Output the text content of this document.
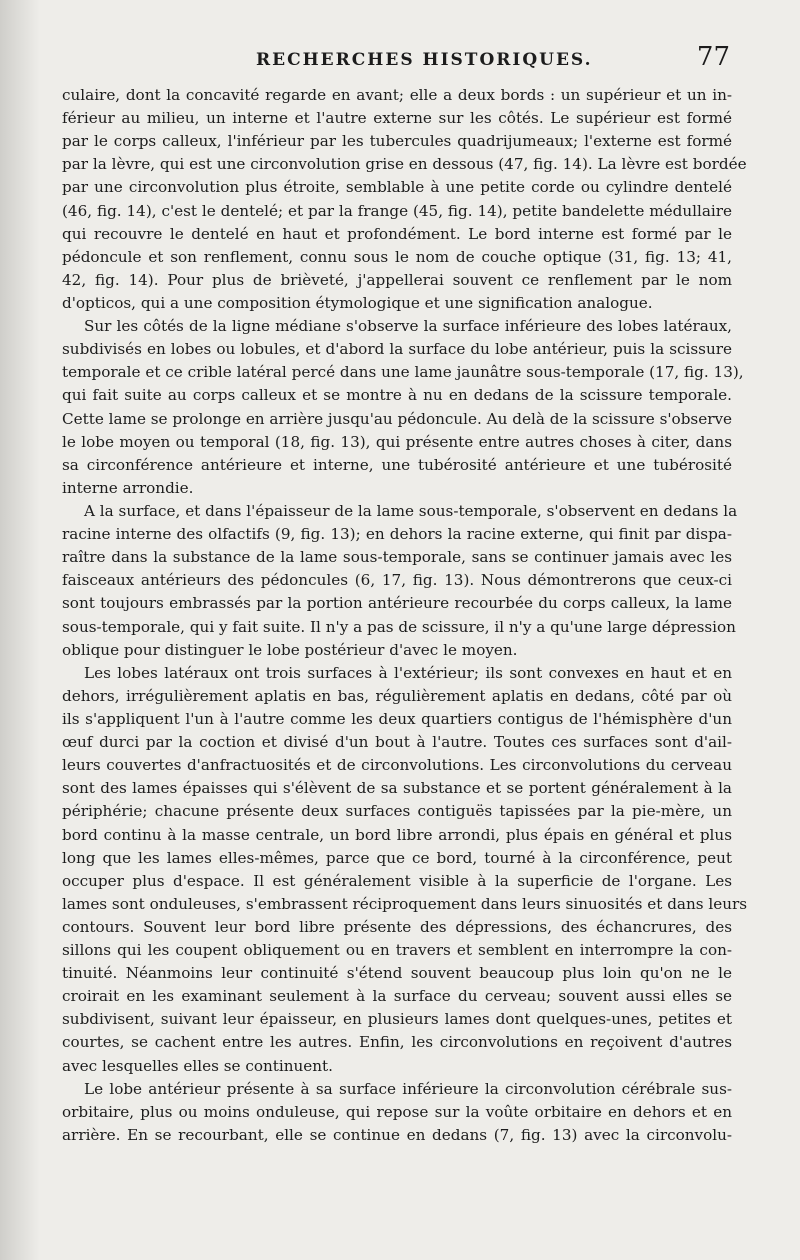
RECHERCHES HISTORIQUES.	77
culaire, dont la concavité regarde en avant; elle a deux bords : un supérieur et un in-
férieur au milieu, un interne et l'autre externe sur les côtés. Le supérieur est formé
par le corps calleux, l'inférieur par les tubercules quadrijumeaux; l'externe est formé
par la lèvre, qui est une circonvolution grise en dessous (47, fig. 14). La lèvre est bordée
par une circonvolution plus étroite, semblable à une petite corde ou cylindre dentelé
(46, fig. 14), c'est le dentelé; et par la frange (45, fig. 14), petite bandelette médullaire
qui recouvre le dentelé en haut et profondément. Le bord interne est formé par le
pédoncule et son renflement, connu sous le nom de couche optique (31, fig. 13; 41,
42, fig. 14). Pour plus de brièveté, j'appellerai souvent ce renflement par le nom
d'opticos, qui a une composition étymologique et une signification analogue.
Sur les côtés de la ligne médiane s'observe la surface inférieure des lobes latéraux,
subdivisés en lobes ou lobules, et d'abord la surface du lobe antérieur, puis la scissure
temporale et ce crible latéral percé dans une lame jaunâtre sous-temporale (17, fig. 13),
qui fait suite au corps calleux et se montre à nu en dedans de la scissure temporale.
Cette lame se prolonge en arrière jusqu'au pédoncule. Au delà de la scissure s'observe
le lobe moyen ou temporal (18, fig. 13), qui présente entre autres choses à citer, dans
sa circonférence antérieure et interne, une tubérosité antérieure et une tubérosité
interne arrondie.
A la surface, et dans l'épaisseur de la lame sous-temporale, s'observent en dedans la
racine interne des olfactifs (9, fig. 13); en dehors la racine externe, qui finit par dispa-
raître dans la substance de la lame sous-temporale, sans se continuer jamais avec les
faisceaux antérieurs des pédoncules (6, 17, fig. 13). Nous démontrerons que ceux-ci
sont toujours embrassés par la portion antérieure recourbée du corps calleux, la lame
sous-temporale, qui y fait suite. Il n'y a pas de scissure, il n'y a qu'une large dépression
oblique pour distinguer le lobe postérieur d'avec le moyen.
Les lobes latéraux ont trois surfaces à l'extérieur; ils sont convexes en haut et en
dehors, irrégulièrement aplatis en bas, régulièrement aplatis en dedans, côté par où
ils s'appliquent l'un à l'autre comme les deux quartiers contigus de l'hémisphère d'un
œuf durci par la coction et divisé d'un bout à l'autre. Toutes ces surfaces sont d'ail-
leurs couvertes d'anfractuosités et de circonvolutions. Les circonvolutions du cerveau
sont des lames épaisses qui s'élèvent de sa substance et se portent généralement à la
périphérie; chacune présente deux surfaces contiguës tapissées par la pie-mère, un
bord continu à la masse centrale, un bord libre arrondi, plus épais en général et plus
long que les lames elles-mêmes, parce que ce bord, tourné à la circonférence, peut
occuper plus d'espace. Il est généralement visible à la superficie de l'organe. Les
lames sont onduleuses, s'embrassent réciproquement dans leurs sinuosités et dans leurs
contours. Souvent leur bord libre présente des dépressions, des échancrures, des
sillons qui les coupent obliquement ou en travers et semblent en interrompre la con-
tinuité. Néanmoins leur continuité s'étend souvent beaucoup plus loin qu'on ne le
croirait en les examinant seulement à la surface du cerveau; souvent aussi elles se
subdivisent, suivant leur épaisseur, en plusieurs lames dont quelques-unes, petites et
courtes, se cachent entre les autres. Enfin, les circonvolutions en reçoivent d'autres
avec lesquelles elles se continuent.
Le lobe antérieur présente à sa surface inférieure la circonvolution cérébrale sus-
orbitaire, plus ou moins onduleuse, qui repose sur la voûte orbitaire en dehors et en
arrière. En se recourbant, elle se continue en dedans (7, fig. 13) avec la circonvolu-
